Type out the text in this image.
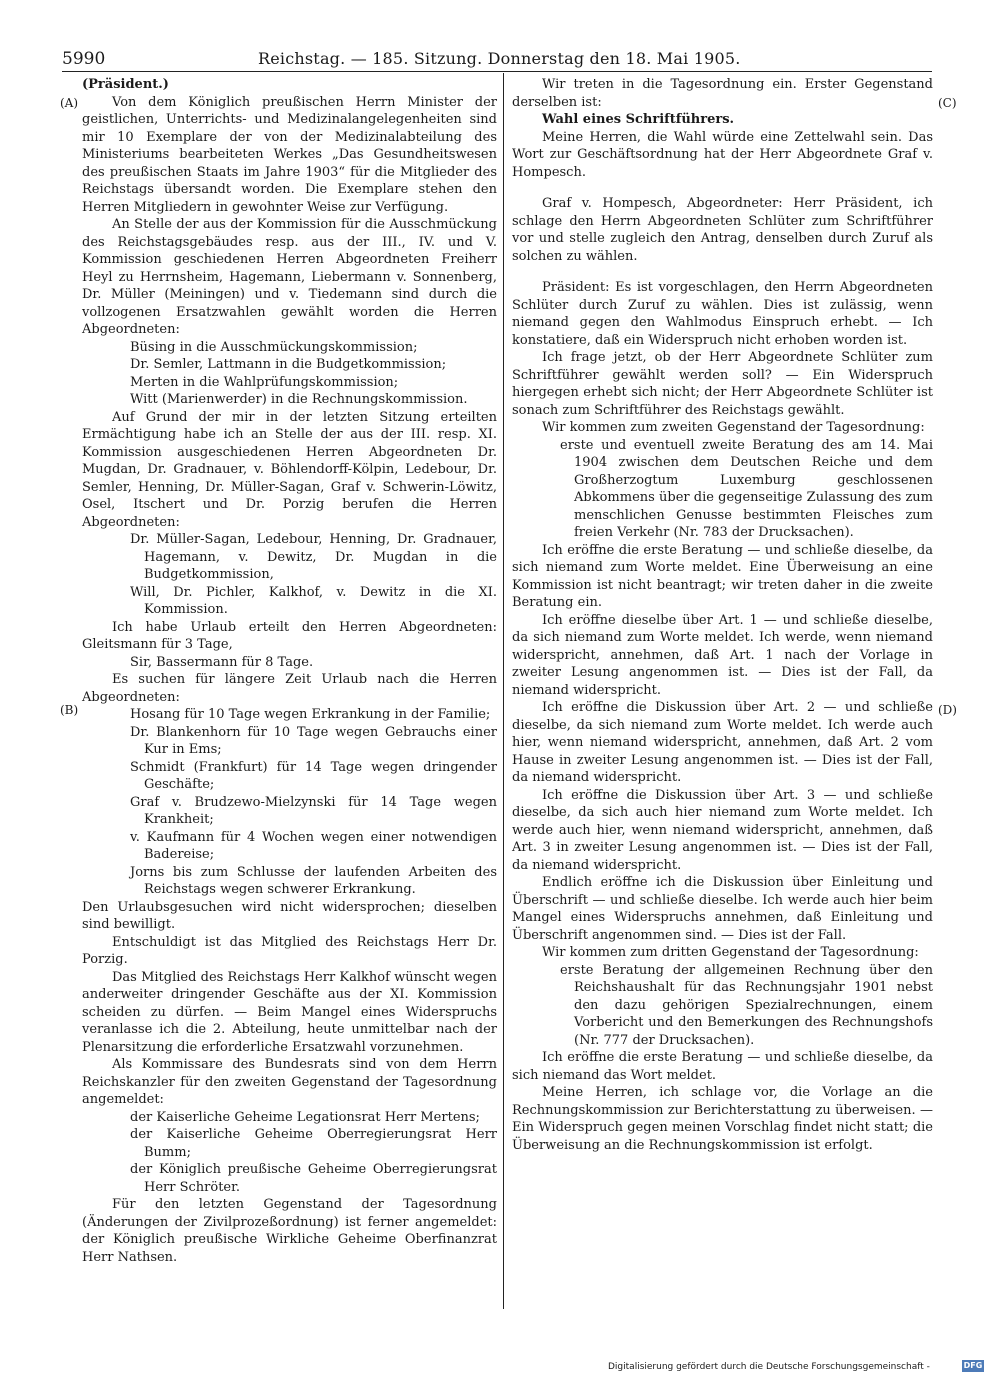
5990	Reichstag. — 185. Sitzung. Donnerstag den 18. Mai 1905.
(A)
(B)
(C)
(D)

(Präsident.)

Von dem Königlich preußischen Herrn Minister der geistlichen, Unterrichts- und Medizinalangelegenheiten sind mir 10 Exemplare der von der Medizinalabteilung des Ministeriums bearbeiteten Werkes „Das Gesundheitswesen des preußischen Staats im Jahre 1903“ für die Mitglieder des Reichstags übersandt worden. Die Exemplare stehen den Herren Mitgliedern in gewohnter Weise zur Verfügung.

An Stelle der aus der Kommission für die Ausschmückung des Reichstagsgebäudes resp. aus der III., IV. und V. Kommission geschiedenen Herren Abgeordneten Freiherr Heyl zu Herrnsheim, Hagemann, Liebermann v. Sonnenberg, Dr. Müller (Meiningen) und v. Tiedemann sind durch die vollzogenen Ersatzwahlen gewählt worden die Herren Abgeordneten:

Büsing in die Ausschmückungskommission;

Dr. Semler, Lattmann in die Budgetkommission;

Merten in die Wahlprüfungskommission;

Witt (Marienwerder) in die Rechnungskommission.

Auf Grund der mir in der letzten Sitzung erteilten Ermächtigung habe ich an Stelle der aus der III. resp. XI. Kommission ausgeschiedenen Herren Abgeordneten Dr. Mugdan, Dr. Gradnauer, v. Böhlendorff-Kölpin, Ledebour, Dr. Semler, Henning, Dr. Müller-Sagan, Graf v. Schwerin-Löwitz, Osel, Itschert und Dr. Porzig berufen die Herren Abgeordneten:

Dr. Müller-Sagan, Ledebour, Henning, Dr. Gradnauer, Hagemann, v. Dewitz, Dr. Mugdan in die Budgetkommission,

Will, Dr. Pichler, Kalkhof, v. Dewitz in die XI. Kommission.

Ich habe Urlaub erteilt den Herren Abgeordneten: Gleitsmann für 3 Tage,

Sir, Bassermann für 8 Tage.

Es suchen für längere Zeit Urlaub nach die Herren Abgeordneten:

Hosang für 10 Tage wegen Erkrankung in der Familie;

Dr. Blankenhorn für 10 Tage wegen Gebrauchs einer Kur in Ems;

Schmidt (Frankfurt) für 14 Tage wegen dringender Geschäfte;

Graf v. Brudzewo-Mielzynski für 14 Tage wegen Krankheit;

v. Kaufmann für 4 Wochen wegen einer notwendigen Badereise;

Jorns bis zum Schlusse der laufenden Arbeiten des Reichstags wegen schwerer Erkrankung.

Den Urlaubsgesuchen wird nicht widersprochen; dieselben sind bewilligt.

Entschuldigt ist das Mitglied des Reichstags Herr Dr. Porzig.

Das Mitglied des Reichstags Herr Kalkhof wünscht wegen anderweiter dringender Geschäfte aus der XI. Kommission scheiden zu dürfen. — Beim Mangel eines Widerspruchs veranlasse ich die 2. Abteilung, heute unmittelbar nach der Plenarsitzung die erforderliche Ersatzwahl vorzunehmen.

Als Kommissare des Bundesrats sind von dem Herrn Reichskanzler für den zweiten Gegenstand der Tagesordnung angemeldet:

der Kaiserliche Geheime Legationsrat Herr Mertens;

der Kaiserliche Geheime Oberregierungsrat Herr Bumm;

der Königlich preußische Geheime Oberregierungsrat Herr Schröter.

Für den letzten Gegenstand der Tagesordnung (Änderungen der Zivilprozeßordnung) ist ferner angemeldet: der Königlich preußische Wirkliche Geheime Oberfinanzrat Herr Nathsen.

Wir treten in die Tagesordnung ein. Erster Gegenstand derselben ist:

Wahl eines Schriftführers.

Meine Herren, die Wahl würde eine Zettelwahl sein. Das Wort zur Geschäftsordnung hat der Herr Abgeordnete Graf v. Hompesch.

Graf v. Hompesch, Abgeordneter: Herr Präsident, ich schlage den Herrn Abgeordneten Schlüter zum Schriftführer vor und stelle zugleich den Antrag, denselben durch Zuruf als solchen zu wählen.

Präsident: Es ist vorgeschlagen, den Herrn Abgeordneten Schlüter durch Zuruf zu wählen. Dies ist zulässig, wenn niemand gegen den Wahlmodus Einspruch erhebt. — Ich konstatiere, daß ein Widerspruch nicht erhoben worden ist.

Ich frage jetzt, ob der Herr Abgeordnete Schlüter zum Schriftführer gewählt werden soll? — Ein Widerspruch hiergegen erhebt sich nicht; der Herr Abgeordnete Schlüter ist sonach zum Schriftführer des Reichstags gewählt.

Wir kommen zum zweiten Gegenstand der Tagesordnung:

erste und eventuell zweite Beratung des am 14. Mai 1904 zwischen dem Deutschen Reiche und dem Großherzogtum Luxemburg geschlossenen Abkommens über die gegenseitige Zulassung des zum menschlichen Genusse bestimmten Fleisches zum freien Verkehr (Nr. 783 der Drucksachen).

Ich eröffne die erste Beratung — und schließe dieselbe, da sich niemand zum Worte meldet. Eine Überweisung an eine Kommission ist nicht beantragt; wir treten daher in die zweite Beratung ein.

Ich eröffne dieselbe über Art. 1 — und schließe dieselbe, da sich niemand zum Worte meldet. Ich werde, wenn niemand widerspricht, annehmen, daß Art. 1 nach der Vorlage in zweiter Lesung angenommen ist. — Dies ist der Fall, da niemand widerspricht.

Ich eröffne die Diskussion über Art. 2 — und schließe dieselbe, da sich niemand zum Worte meldet. Ich werde auch hier, wenn niemand widerspricht, annehmen, daß Art. 2 vom Hause in zweiter Lesung angenommen ist. — Dies ist der Fall, da niemand widerspricht.

Ich eröffne die Diskussion über Art. 3 — und schließe dieselbe, da sich auch hier niemand zum Worte meldet. Ich werde auch hier, wenn niemand widerspricht, annehmen, daß Art. 3 in zweiter Lesung angenommen ist. — Dies ist der Fall, da niemand widerspricht.

Endlich eröffne ich die Diskussion über Einleitung und Überschrift — und schließe dieselbe. Ich werde auch hier beim Mangel eines Widerspruchs annehmen, daß Einleitung und Überschrift angenommen sind. — Dies ist der Fall.

Wir kommen zum dritten Gegenstand der Tagesordnung:

erste Beratung der allgemeinen Rechnung über den Reichshaushalt für das Rechnungsjahr 1901 nebst den dazu gehörigen Spezialrechnungen, einem Vorbericht und den Bemerkungen des Rechnungshofs (Nr. 777 der Drucksachen).

Ich eröffne die erste Beratung — und schließe dieselbe, da sich niemand das Wort meldet.

Meine Herren, ich schlage vor, die Vorlage an die Rechnungskommission zur Berichterstattung zu überweisen. — Ein Widerspruch gegen meinen Vorschlag findet nicht statt; die Überweisung an die Rechnungskommission ist erfolgt.

Digitalisierung gefördert durch die Deutsche Forschungsgemeinschaft -	DFG
